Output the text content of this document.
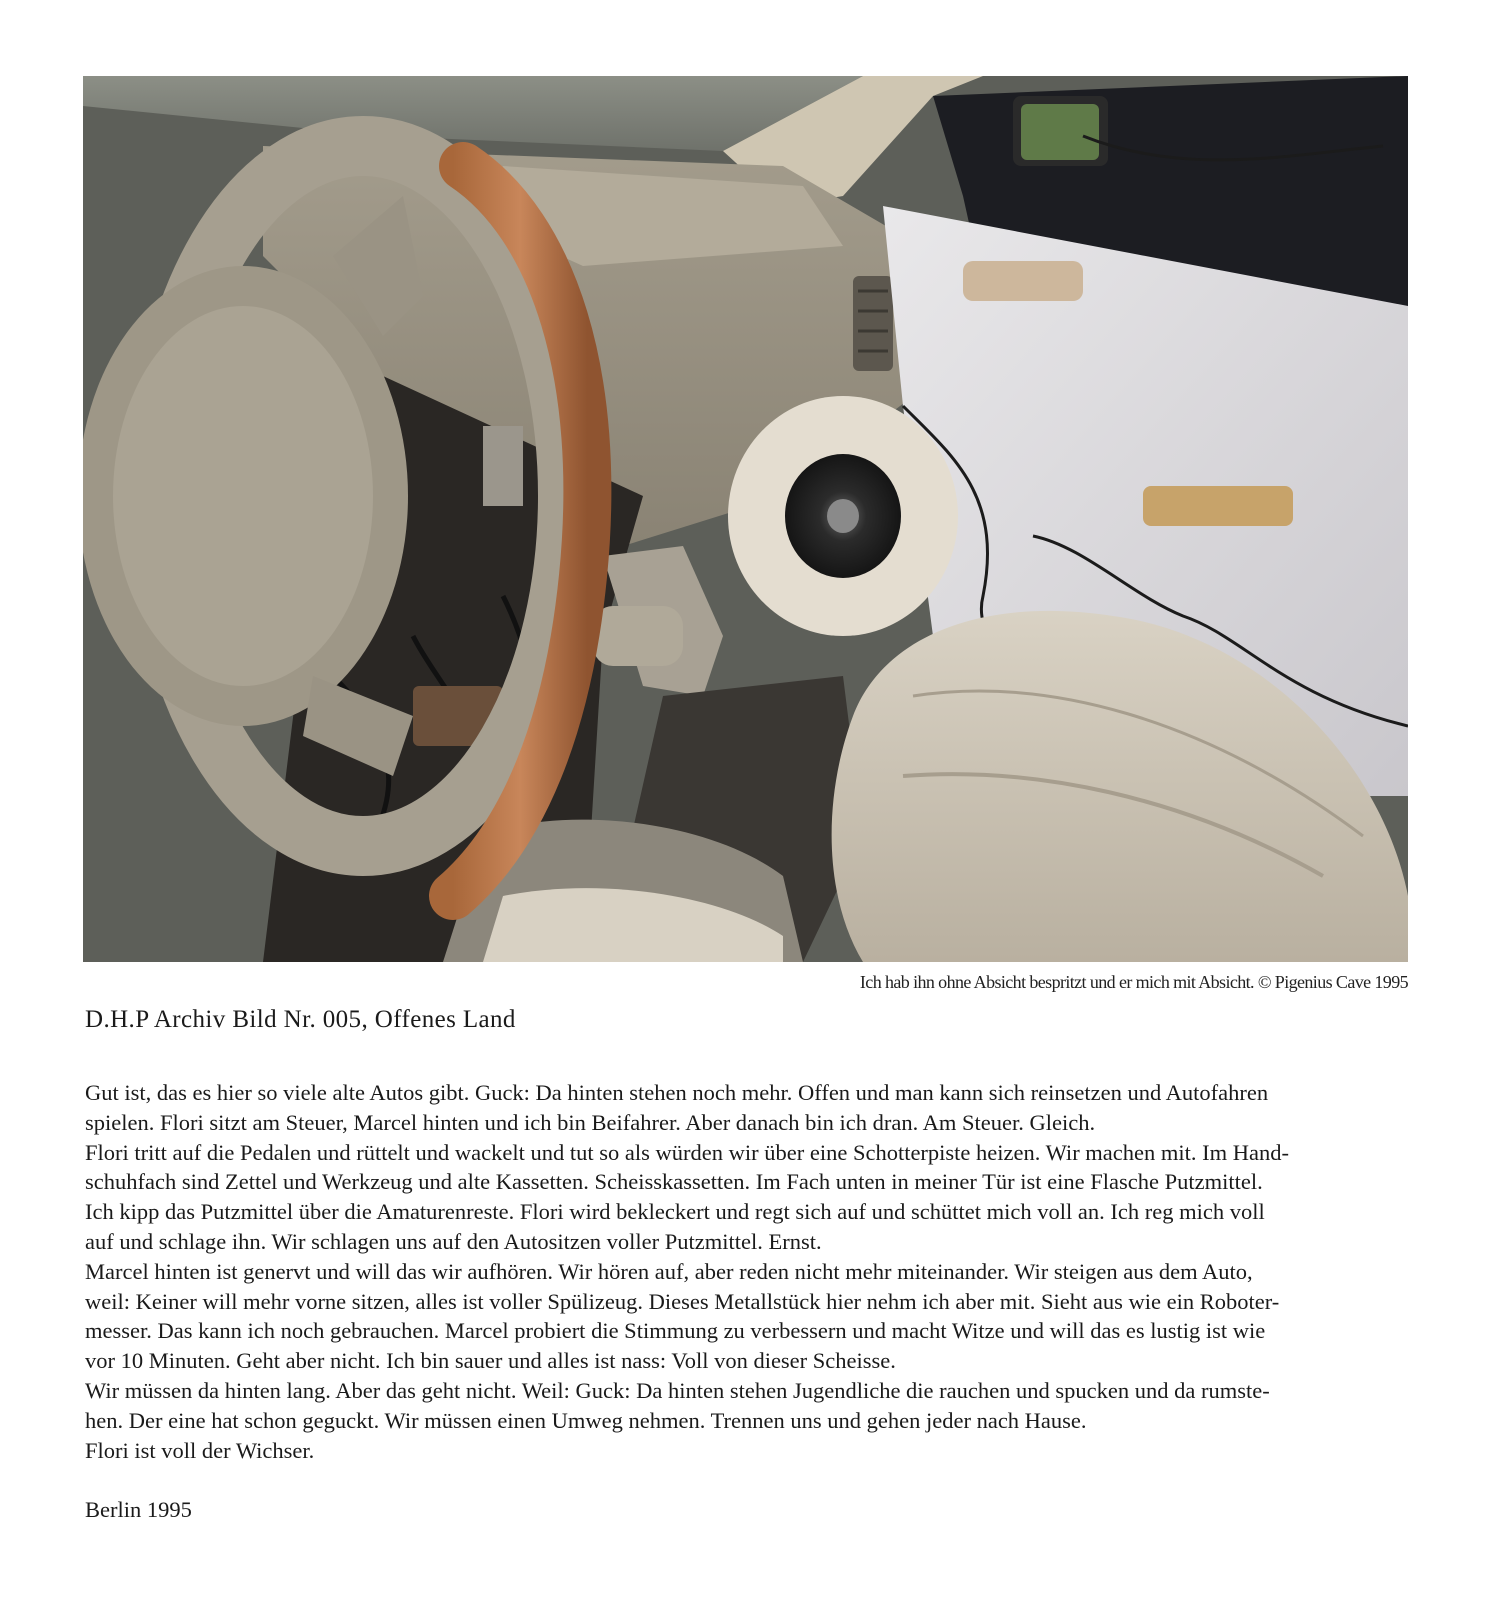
Ich hab ihn ohne Absicht bespritzt und er mich mit Absicht. © Pigenius Cave 1995
D.H.P Archiv Bild Nr. 005, Offenes Land

Gut ist, das es hier so viele alte Autos gibt. Guck: Da hinten stehen noch mehr. Offen und man kann sich reinsetzen und Autofahren
spielen. Flori sitzt am Steuer, Marcel hinten und ich bin Beifahrer. Aber danach bin ich dran. Am Steuer. Gleich.

Flori tritt auf die Pedalen und rüttelt und wackelt und tut so als würden wir über eine Schotterpiste heizen. Wir machen mit. Im Hand-
schuhfach sind Zettel und Werkzeug und alte Kassetten. Scheisskassetten. Im Fach unten in meiner Tür ist eine Flasche Putzmittel.
Ich kipp das Putzmittel über die Amaturenreste. Flori wird bekleckert und regt sich auf und schüttet mich voll an. Ich reg mich voll
auf und schlage ihn. Wir schlagen uns auf den Autositzen voller Putzmittel. Ernst.

Marcel hinten ist genervt und will das wir aufhören. Wir hören auf, aber reden nicht mehr miteinander. Wir steigen aus dem Auto,
weil: Keiner will mehr vorne sitzen, alles ist voller Spülizeug. Dieses Metallstück hier nehm ich aber mit. Sieht aus wie ein Roboter-
messer. Das kann ich noch gebrauchen. Marcel probiert die Stimmung zu verbessern und macht Witze und will das es lustig ist wie
vor 10 Minuten. Geht aber nicht. Ich bin sauer und alles ist nass: Voll von dieser Scheisse.

Wir müssen da hinten lang. Aber das geht nicht. Weil: Guck: Da hinten stehen Jugendliche die rauchen und spucken und da rumste-
hen. Der eine hat schon geguckt. Wir müssen einen Umweg nehmen. Trennen uns und gehen jeder nach Hause.

Flori ist voll der Wichser.

Berlin 1995
